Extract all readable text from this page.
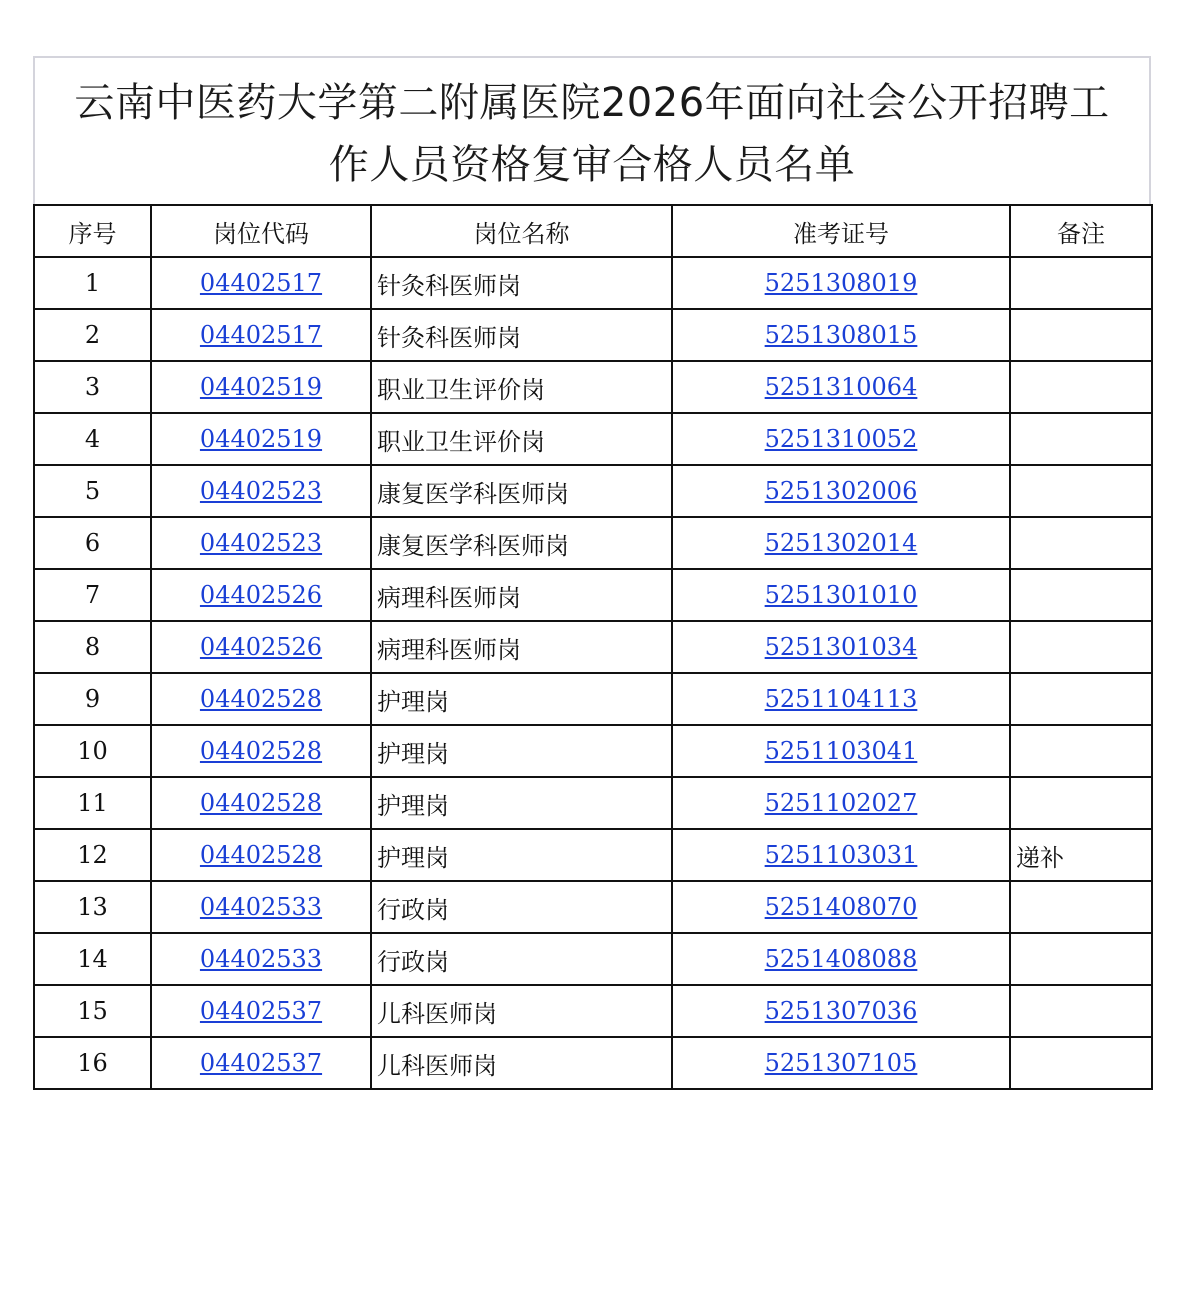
云南中医药大学第二附属医院2026年面向社会公开招聘工
作人员资格复审合格人员名单
序号	岗位代码	岗位名称	准考证号	备注
1	04402517	针灸科医师岗	5251308019	
2	04402517	针灸科医师岗	5251308015	
3	04402519	职业卫生评价岗	5251310064	
4	04402519	职业卫生评价岗	5251310052	
5	04402523	康复医学科医师岗	5251302006	
6	04402523	康复医学科医师岗	5251302014	
7	04402526	病理科医师岗	5251301010	
8	04402526	病理科医师岗	5251301034	
9	04402528	护理岗	5251104113	
10	04402528	护理岗	5251103041	
11	04402528	护理岗	5251102027	
12	04402528	护理岗	5251103031	递补
13	04402533	行政岗	5251408070	
14	04402533	行政岗	5251408088	
15	04402537	儿科医师岗	5251307036	
16	04402537	儿科医师岗	5251307105	
